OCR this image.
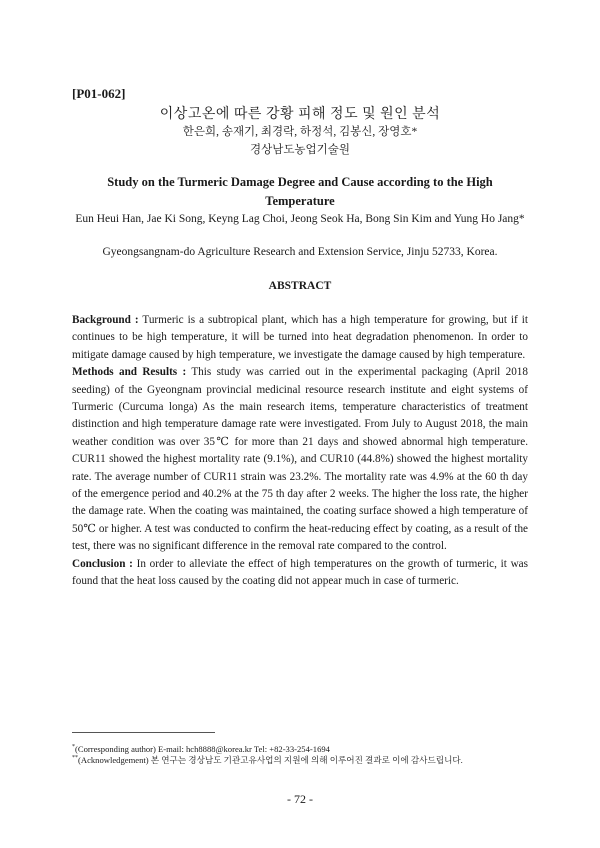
[P01-062]
이상고온에 따른 강황 피해 정도 및 원인 분석
한은희, 송재기, 최경락, 하정석, 김봉신, 장영호*
경상남도농업기술원
Study on the Turmeric Damage Degree and Cause according to the High Temperature
Eun Heui Han, Jae Ki Song, Keyng Lag Choi, Jeong Seok Ha, Bong Sin Kim and Yung Ho Jang*
Gyeongsangnam-do Agriculture Research and Extension Service, Jinju 52733, Korea.
ABSTRACT

Background : Turmeric is a subtropical plant, which has a high temperature for growing, but if it continues to be high temperature, it will be turned into heat degradation phenomenon. In order to mitigate damage caused by high temperature, we investigate the damage caused by high temperature.

Methods and Results : This study was carried out in the experimental packaging (April 2018 seeding) of the Gyeongnam provincial medicinal resource research institute and eight systems of Turmeric (Curcuma longa) As the main research items, temperature characteristics of treatment distinction and high temperature damage rate were investigated. From July to August 2018, the main weather condition was over 35℃ for more than 21 days and showed abnormal high temperature. CUR11 showed the highest mortality rate (9.1%), and CUR10 (44.8%) showed the highest mortality rate. The average number of CUR11 strain was 23.2%. The mortality rate was 4.9% at the 60 th day of the emergence period and 40.2% at the 75 th day after 2 weeks. The higher the loss rate, the higher the damage rate. When the coating was maintained, the coating surface showed a high temperature of 50℃ or higher. A test was conducted to confirm the heat-reducing effect by coating, as a result of the test, there was no significant difference in the removal rate compared to the control.

Conclusion : In order to alleviate the effect of high temperatures on the growth of turmeric, it was found that the heat loss caused by the coating did not appear much in case of turmeric.

*(Corresponding author) E-mail: hch8888@korea.kr Tel: +82-33-254-1694
**(Acknowledgement) 본 연구는 경상남도 기관고유사업의 지원에 의해 이루어진 결과로 이에 감사드립니다.
- 72 -
